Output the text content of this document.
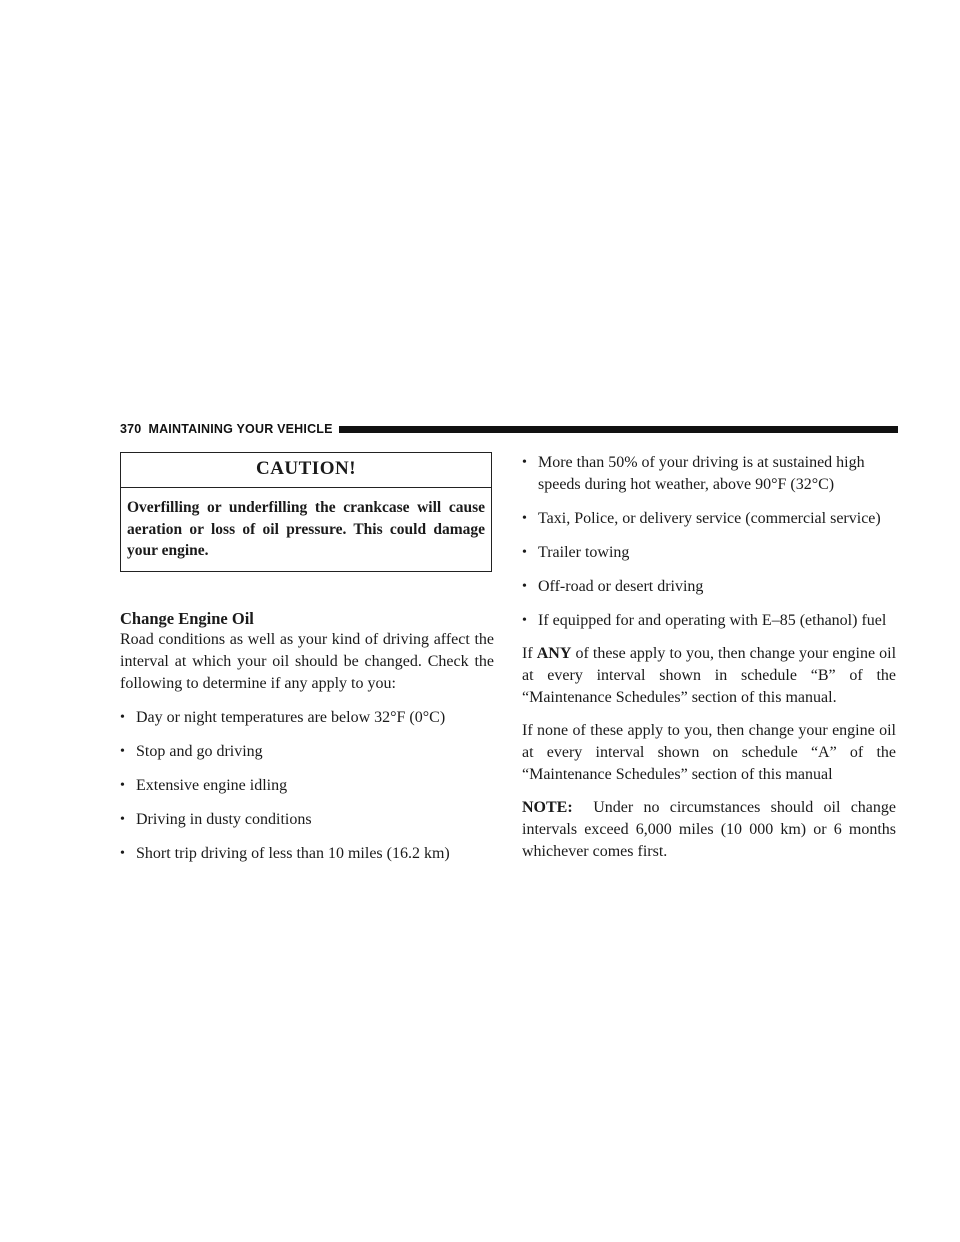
370 MAINTAINING YOUR VEHICLE
CAUTION!
Overfilling or underfilling the crankcase will cause aeration or loss of oil pressure. This could damage your engine.
Change Engine Oil

Road conditions as well as your kind of driving affect the interval at which your oil should be changed. Check the following to determine if any apply to you:

• Day or night temperatures are below 32°F (0°C)
• Stop and go driving
• Extensive engine idling
• Driving in dusty conditions
• Short trip driving of less than 10 miles (16.2 km)
• More than 50% of your driving is at sustained high speeds during hot weather, above 90°F (32°C)
• Taxi, Police, or delivery service (commercial service)
• Trailer towing
• Off-road or desert driving
• If equipped for and operating with E–85 (ethanol) fuel

If ANY of these apply to you, then change your engine oil at every interval shown in schedule “B” of the “Maintenance Schedules” section of this manual.

If none of these apply to you, then change your engine oil at every interval shown on schedule “A” of the “Maintenance Schedules” section of this manual

NOTE: Under no circumstances should oil change intervals exceed 6,000 miles (10 000 km) or 6 months whichever comes first.
